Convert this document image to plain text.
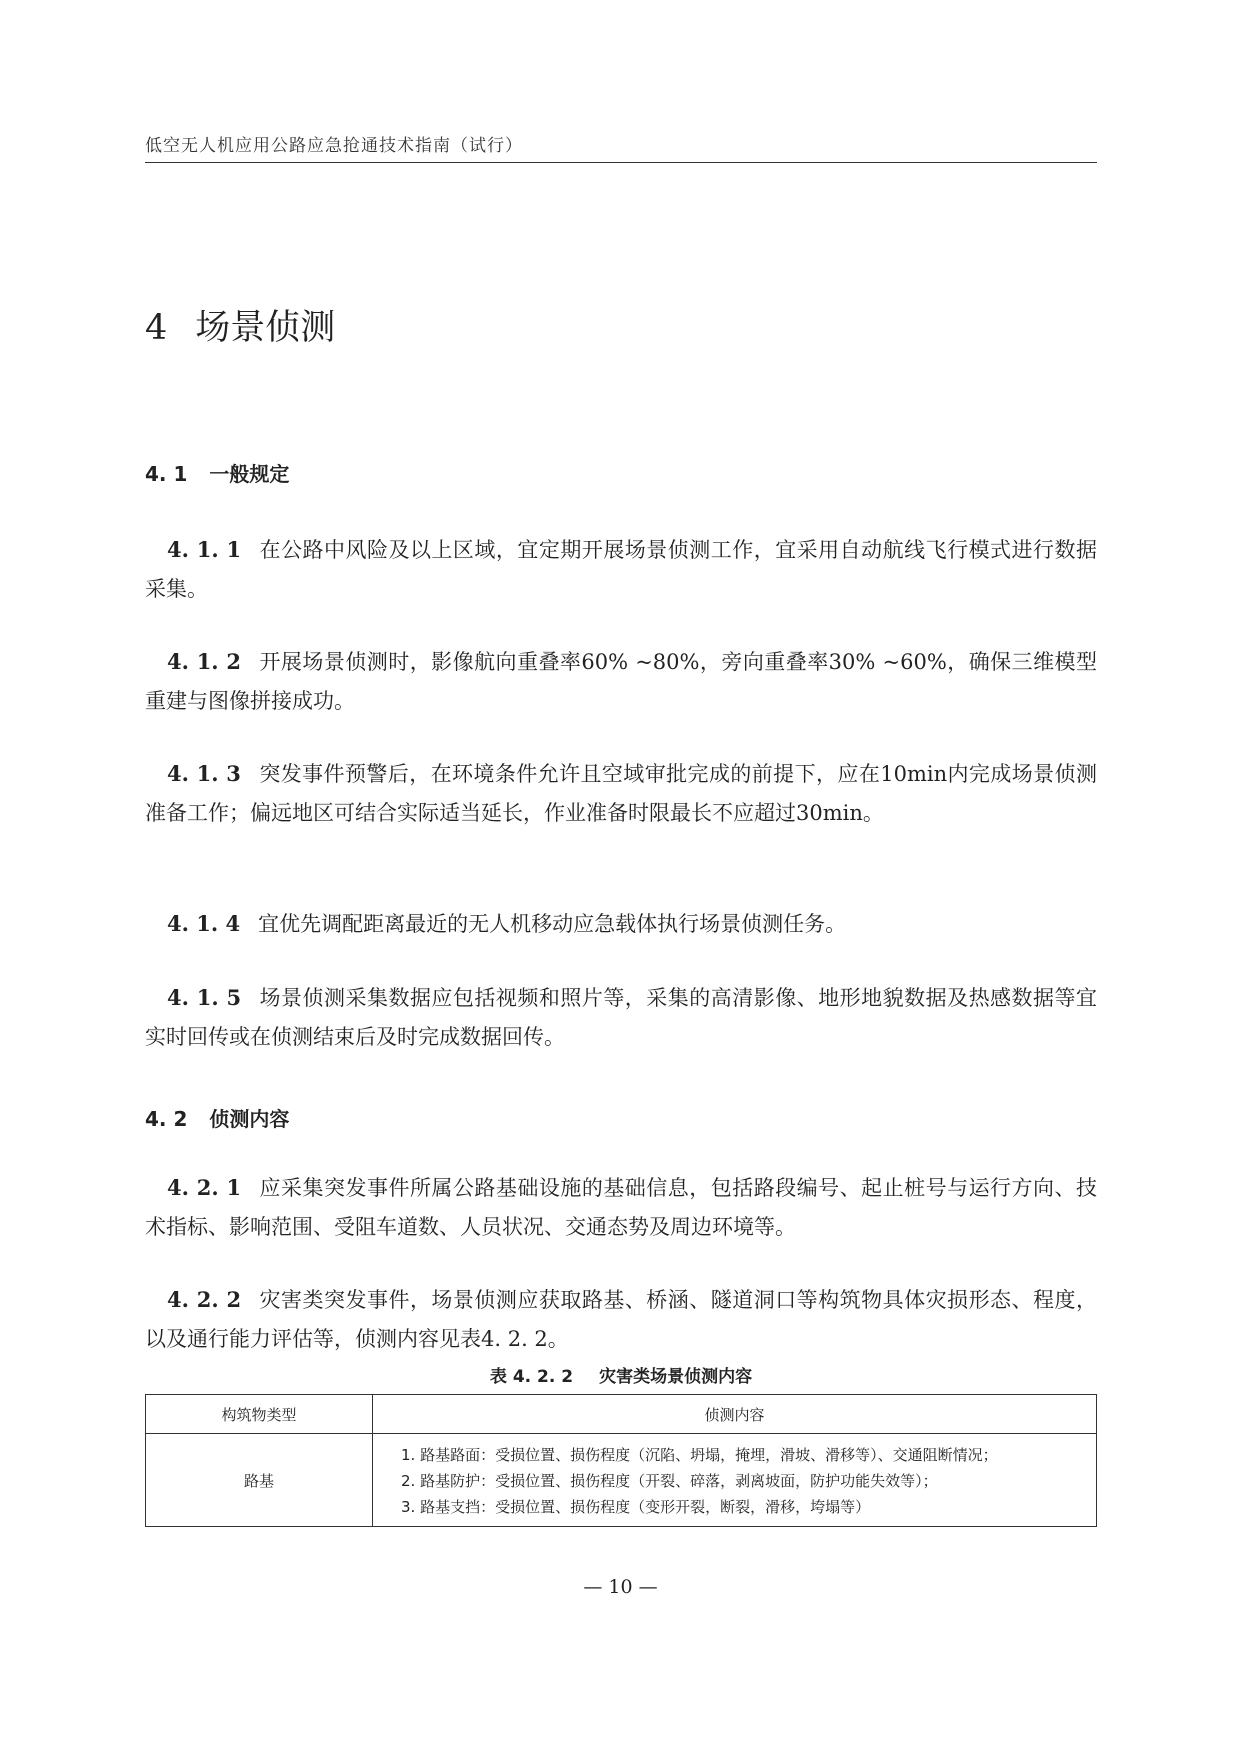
低空无人机应用公路应急抢通技术指南（试行）
4 场景侦测
4. 1 一般规定
4. 1. 1 在公路中风险及以上区域，宜定期开展场景侦测工作，宜采用自动航线飞行模式进行数据采集。
4. 1. 2 开展场景侦测时，影像航向重叠率60% ~80%，旁向重叠率30% ~60%，确保三维模型重建与图像拼接成功。
4. 1. 3 突发事件预警后，在环境条件允许且空域审批完成的前提下，应在10min内完成场景侦测准备工作；偏远地区可结合实际适当延长，作业准备时限最长不应超过30min。
4. 1. 4 宜优先调配距离最近的无人机移动应急载体执行场景侦测任务。
4. 1. 5 场景侦测采集数据应包括视频和照片等，采集的高清影像、地形地貌数据及热感数据等宜实时回传或在侦测结束后及时完成数据回传。
4. 2 侦测内容
4. 2. 1 应采集突发事件所属公路基础设施的基础信息，包括路段编号、起止桩号与运行方向、技术指标、影响范围、受阻车道数、人员状况、交通态势及周边环境等。
4. 2. 2 灾害类突发事件，场景侦测应获取路基、桥涵、隧道洞口等构筑物具体灾损形态、程度，以及通行能力评估等，侦测内容见表4. 2. 2。
表 4. 2. 2 灾害类场景侦测内容
构筑物类型	侦测内容
路基	1. 路基路面：受损位置、损伤程度（沉陷、坍塌，掩埋，滑坡、滑移等）、交通阻断情况；

2. 路基防护：受损位置、损伤程度（开裂、碎落，剥离坡面，防护功能失效等）；

3. 路基支挡：受损位置、损伤程度（变形开裂，断裂，滑移，垮塌等）

— 10 —
